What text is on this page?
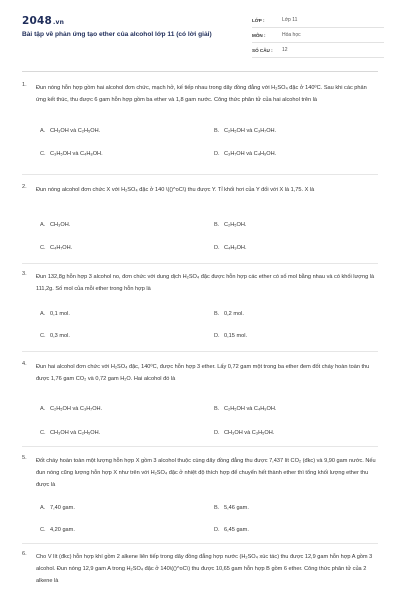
2048.vn
Bài tập về phản ứng tạo ether của alcohol lớp 11 (có lời giải)
LỚP :	Lớp 11
MÔN :	Hóa học
SỐ CÂU :	12
1. Đun nóng hỗn hợp gồm hai alcohol đơn chức, mạch hở, kế tiếp nhau trong dãy đồng đẳng với H₂SO₄ đặc ở 140⁰C. Sau khi các phản ứng kết thúc, thu được 6 gam hỗn hợp gồm ba ether và 1,8 gam nước. Công thức phân tử của hai alcohol trên là
A. CH₃OH và C₂H₅OH.	B. C₂H₅OH và C₃H₇OH.
C. C₃H₅OH và C₄H₈OH.	D. C₃H₇OH và C₄H₉OH.
2. Đun nóng alcohol đơn chức X với H₂SO₄ đặc ở 140 \(()^oC\) thu được Y. Tỉ khối hơi của Y đối với X là 1,75. X là
A. CH₃OH.	B. C₂H₅OH.
C. C₄H₇OH.	D. C₄H₉OH.
3. Đun 132,8g hỗn hợp 3 alcohol no, đơn chức với dung dịch H₂SO₄ đặc được hỗn hợp các ether có số mol bằng nhau và có khối lượng là 111,2g. Số mol của mỗi ether trong hỗn hợp là
A. 0,1 mol.	B. 0,2 mol.
C. 0,3 mol.	D. 0,15 mol.
4. Đun hai alcohol đơn chức với H₂SO₄ đặc, 140⁰C, được hỗn hợp 3 ether. Lấy 0,72 gam một trong ba ether đem đốt cháy hoàn toàn thu được 1,76 gam CO₂ và 0,72 gam H₂O. Hai alcohol đó là
A. C₂H₅OH và C₃H₇OH.	B. C₂H₅OH và C₄H₉OH.
C. CH₃OH và C₂H₅OH.	D. CH₃OH và C₃H₅OH.
5. Đốt cháy hoàn toàn một lượng hỗn hợp X gồm 3 alcohol thuộc cùng dãy đồng đẳng thu được 7,437 lít CO₂ (đkc) và 9,90 gam nước. Nếu đun nóng cũng lượng hỗn hợp X như trên với H₂SO₄ đặc ở nhiệt độ thích hợp để chuyển hết thành ether thì tổng khối lượng ether thu được là
A. 7,40 gam.	B. 5,46 gam.
C. 4,20 gam.	D. 6,45 gam.
6. Cho V lít (đkc) hỗn hợp khí gồm 2 alkene liên tiếp trong dãy đồng đẳng hợp nước (H₂SO₄ xúc tác) thu được 12,9 gam hỗn hợp A gồm 3 alcohol. Đun nóng 12,9 gam A trong H₂SO₄ đặc ở 140\(()^oC\) thu được 10,65 gam hỗn hợp B gồm 6 ether. Công thức phân tử của 2 alkene là
